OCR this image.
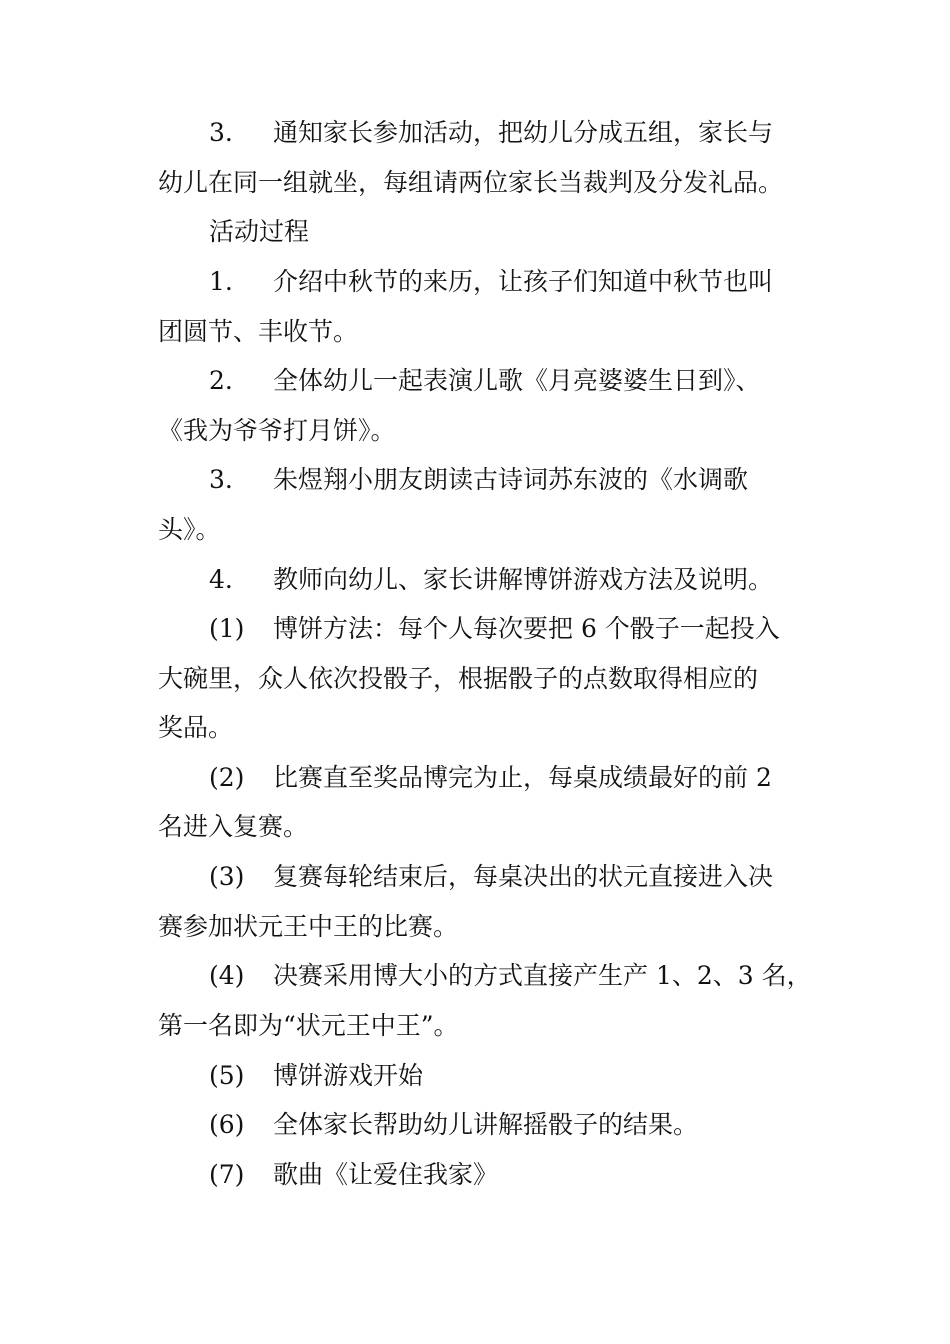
3. 通知家长参加活动，把幼儿分成五组，家长与

幼儿在同一组就坐，每组请两位家长当裁判及分发礼品。

活动过程

1. 介绍中秋节的来历，让孩子们知道中秋节也叫

团圆节、丰收节。

2. 全体幼儿一起表演儿歌《月亮婆婆生日到》、

《我为爷爷打月饼》。

3. 朱煜翔小朋友朗读古诗词苏东波的《水调歌

头》。

4. 教师向幼儿、家长讲解博饼游戏方法及说明。

(1) 博饼方法：每个人每次要把 6 个骰子一起投入

大碗里，众人依次投骰子，根据骰子的点数取得相应的

奖品。

(2) 比赛直至奖品博完为止，每桌成绩最好的前 2

名进入复赛。

(3) 复赛每轮结束后，每桌决出的状元直接进入决

赛参加状元王中王的比赛。

(4) 决赛采用博大小的方式直接产生产 1、2、3 名，

第一名即为“状元王中王”。

(5) 博饼游戏开始

(6) 全体家长帮助幼儿讲解摇骰子的结果。

(7) 歌曲《让爱住我家》
